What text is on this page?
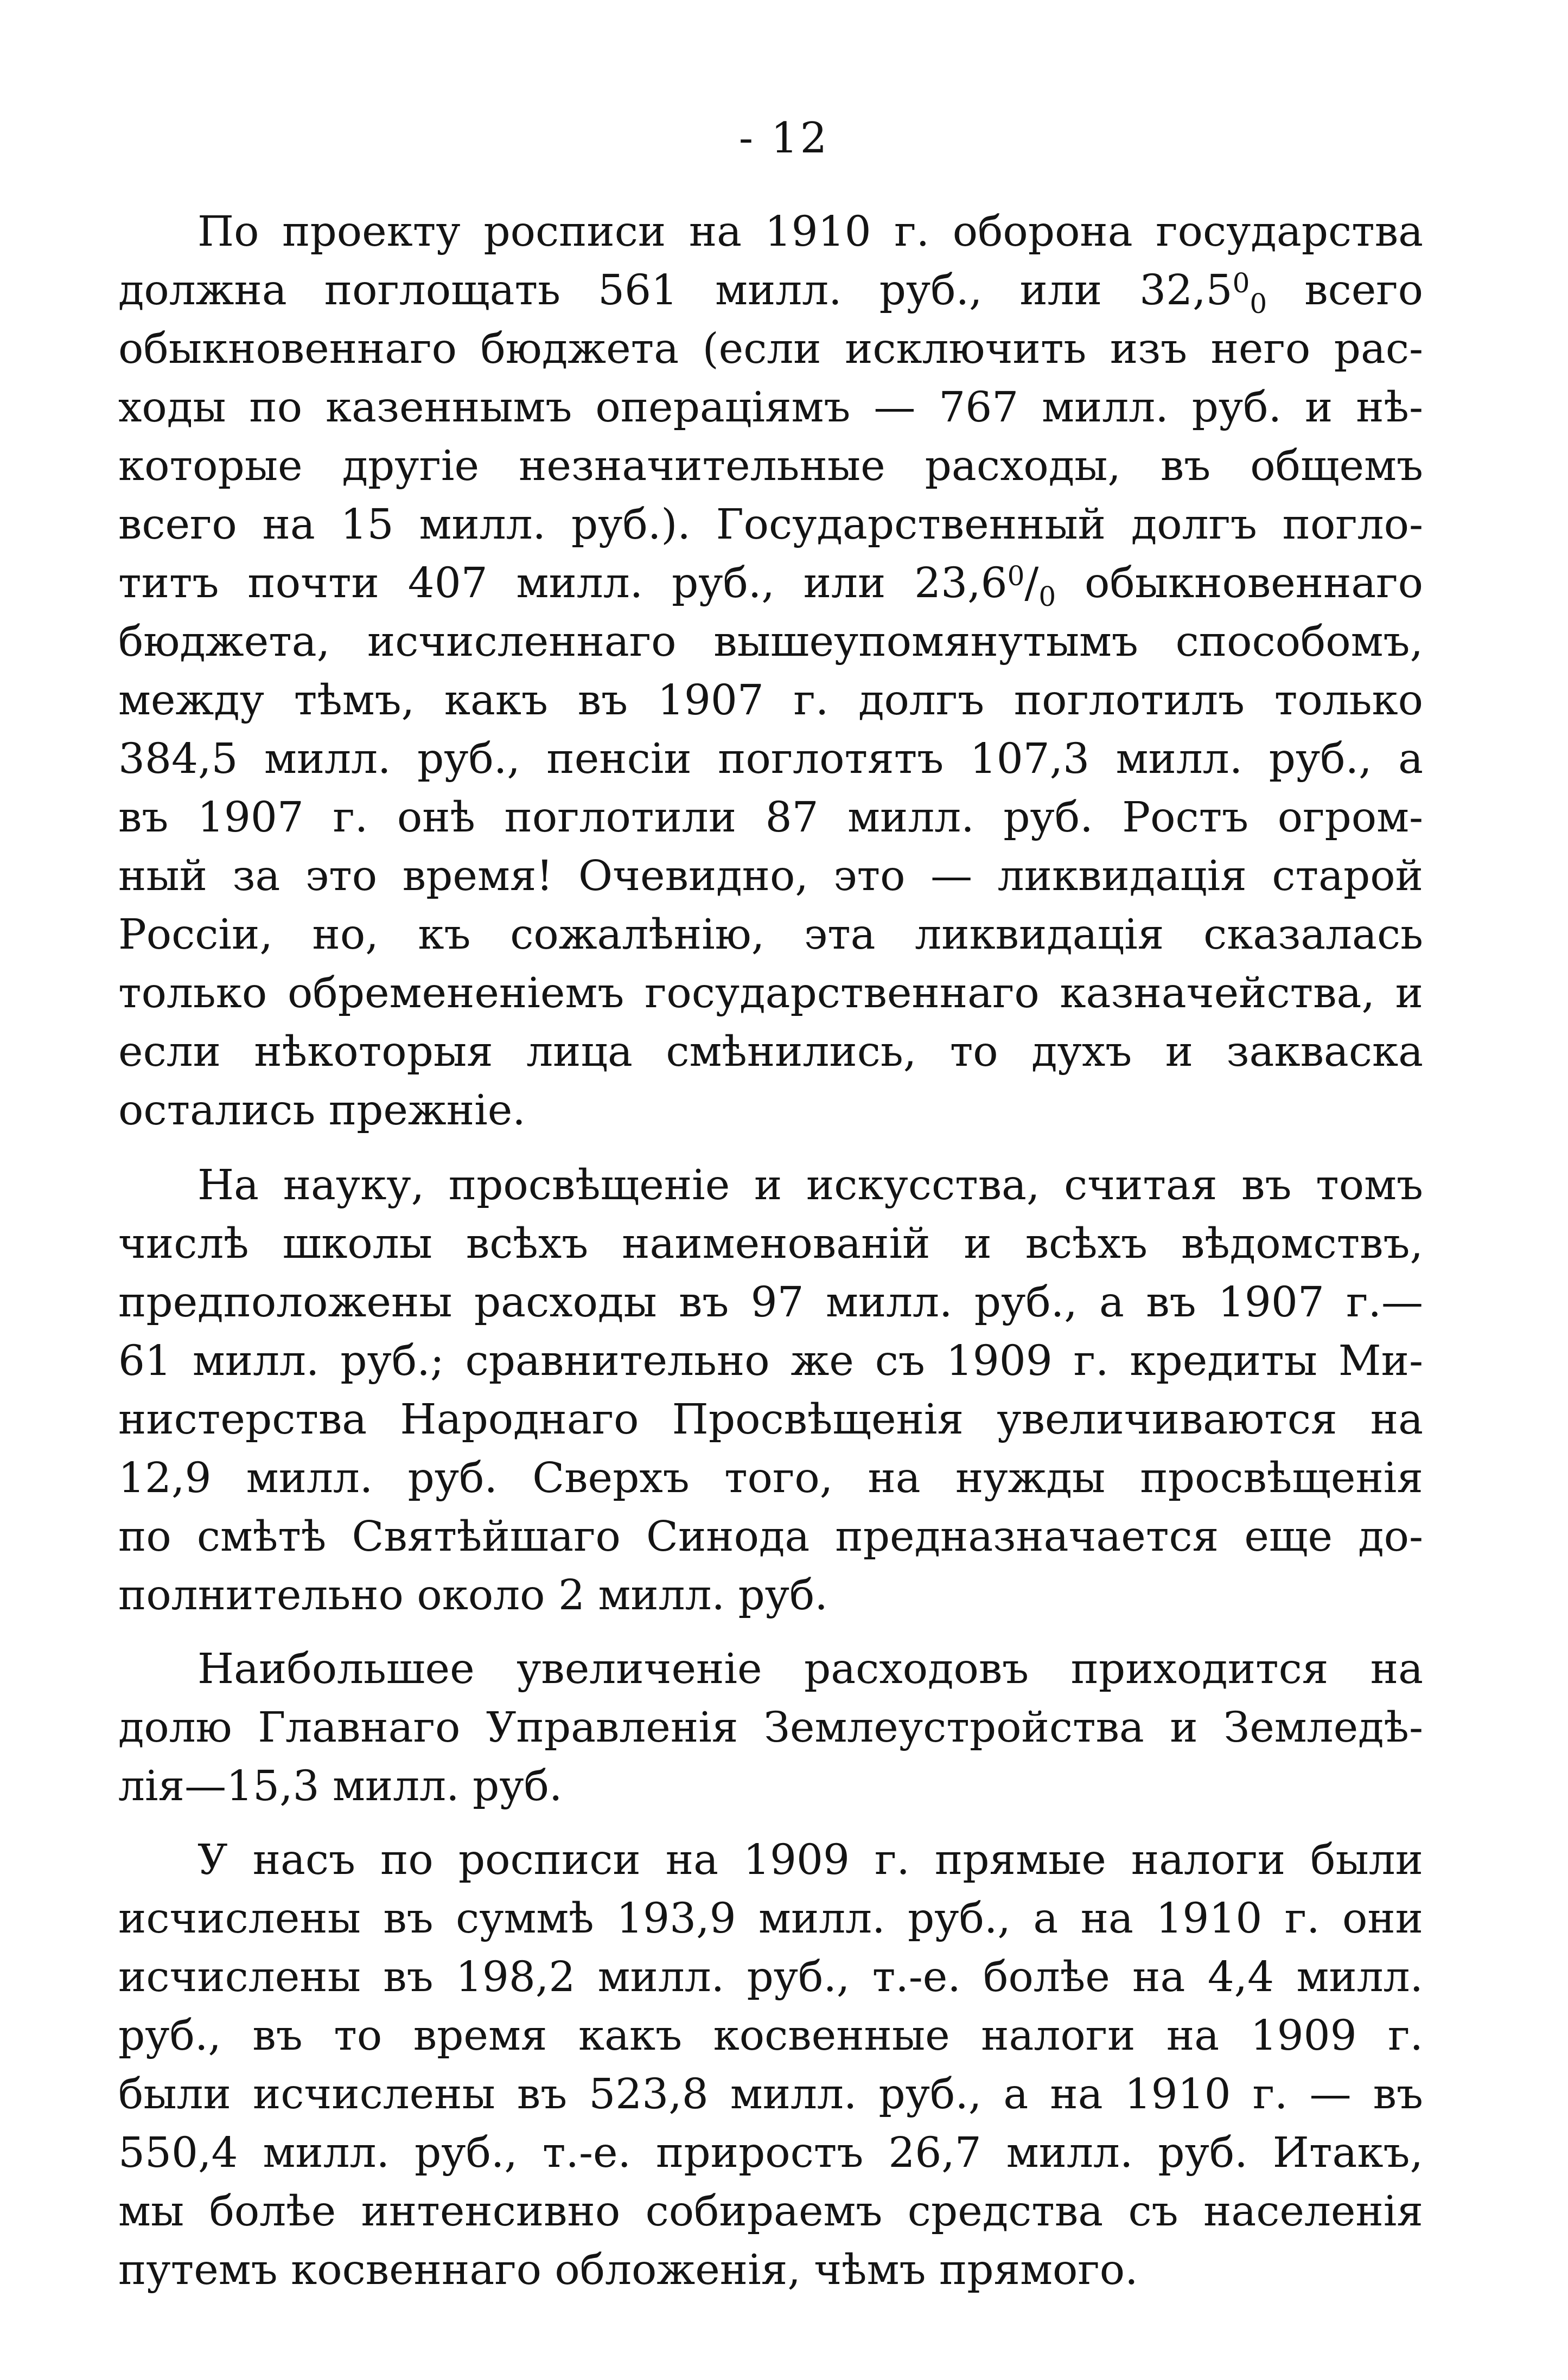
- 12
По проекту росписи на 1910 г. оборона государства
должна поглощать 561 милл. руб., или $32,5^0_0$ всего
обыкновеннаго бюджета (если исключить изъ него рас-
ходы по казеннымъ операціямъ — 767 милл. руб. и нѣ-
которые другіе незначительные расходы, въ общемъ
всего на 15 милл. руб.). Государственный долгъ погло-
титъ почти 407 милл. руб., или $23,6^0/_0$ обыкновеннаго
бюджета, исчисленнаго вышеупомянутымъ способомъ,
между тѣмъ, какъ въ 1907 г. долгъ поглотилъ только
384,5 милл. руб., пенсіи поглотятъ 107,3 милл. руб., а
въ 1907 г. онѣ поглотили 87 милл. руб. Ростъ огром-
ный за это время! Очевидно, это — ликвидація старой
Россіи, но, къ сожалѣнію, эта ликвидація сказалась
только обремененіемъ государственнаго казначейства, и
если нѣкоторыя лица смѣнились, то духъ и закваска
остались прежніе.
На науку, просвѣщеніе и искусства, считая въ томъ
числѣ школы всѣхъ наименованій и всѣхъ вѣдомствъ,
предположены расходы въ 97 милл. руб., а въ 1907 г.—
61 милл. руб.; сравнительно же съ 1909 г. кредиты Ми-
нистерства Народнаго Просвѣщенія увеличиваются на
12,9 милл. руб. Сверхъ того, на нужды просвѣщенія
по смѣтѣ Святѣйшаго Синода предназначается еще до-
полнительно около 2 милл. руб.
Наибольшее увеличеніе расходовъ приходится на
долю Главнаго Управленія Землеустройства и Земледѣ-
лія—15,3 милл. руб.
У насъ по росписи на 1909 г. прямые налоги были
исчислены въ суммѣ 193,9 милл. руб., а на 1910 г. они
исчислены въ 198,2 милл. руб., т.-е. болѣе на 4,4 милл.
руб., въ то время какъ косвенные налоги на 1909 г.
были исчислены въ 523,8 милл. руб., а на 1910 г. — въ
550,4 милл. руб., т.-е. приростъ 26,7 милл. руб. Итакъ,
мы болѣе интенсивно собираемъ средства съ населенія
путемъ косвеннаго обложенія, чѣмъ прямого.
